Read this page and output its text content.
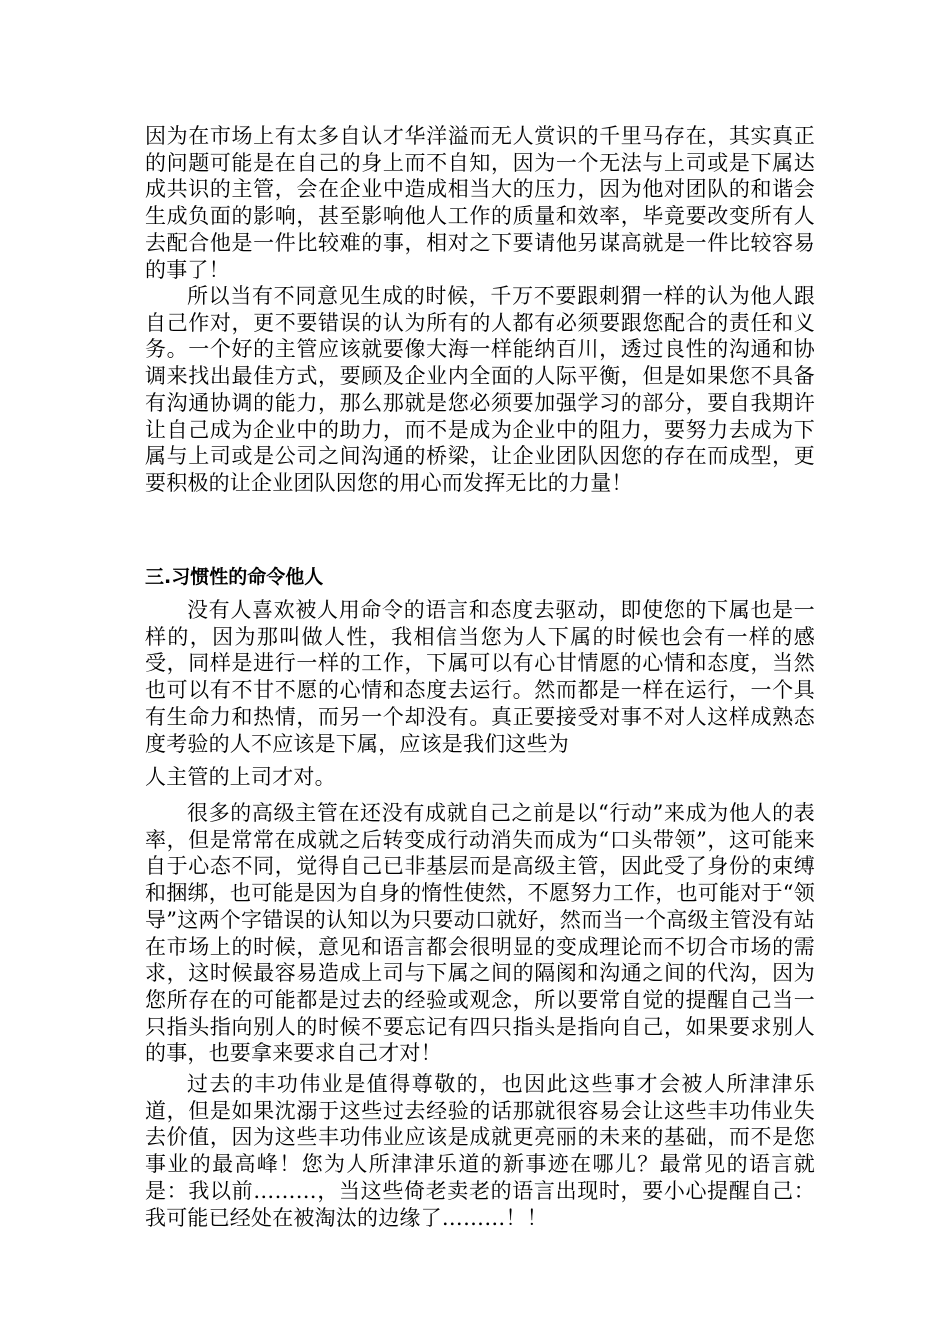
因为在市场上有太多自认才华洋溢而无人赏识的千里马存在，其实真正的问题可能是在自己的身上而不自知，因为一个无法与上司或是下属达成共识的主管，会在企业中造成相当大的压力，因为他对团队的和谐会生成负面的影响，甚至影响他人工作的质量和效率，毕竟要改变所有人去配合他是一件比较难的事，相对之下要请他另谋高就是一件比较容易的事了！

所以当有不同意见生成的时候，千万不要跟刺猬一样的认为他人跟自己作对，更不要错误的认为所有的人都有必须要跟您配合的责任和义务。一个好的主管应该就要像大海一样能纳百川，透过良性的沟通和协调来找出最佳方式，要顾及企业内全面的人际平衡，但是如果您不具备有沟通协调的能力，那么那就是您必须要加强学习的部分，要自我期许让自己成为企业中的助力，而不是成为企业中的阻力，要努力去成为下属与上司或是公司之间沟通的桥梁，让企业团队因您的存在而成型，更要积极的让企业团队因您的用心而发挥无比的力量！

三.习惯性的命令他人

没有人喜欢被人用命令的语言和态度去驱动，即使您的下属也是一样的，因为那叫做人性，我相信当您为人下属的时候也会有一样的感受，同样是进行一样的工作，下属可以有心甘情愿的心情和态度，当然也可以有不甘不愿的心情和态度去运行。然而都是一样在运行，一个具有生命力和热情，而另一个却没有。真正要接受对事不对人这样成熟态度考验的人不应该是下属，应该是我们这些为

人主管的上司才对。

很多的高级主管在还没有成就自己之前是以“行动”来成为他人的表率，但是常常在成就之后转变成行动消失而成为“口头带领”，这可能来自于心态不同，觉得自己已非基层而是高级主管，因此受了身份的束缚和捆绑，也可能是因为自身的惰性使然，不愿努力工作，也可能对于“领导”这两个字错误的认知以为只要动口就好，然而当一个高级主管没有站在市场上的时候，意见和语言都会很明显的变成理论而不切合市场的需求，这时候最容易造成上司与下属之间的隔阂和沟通之间的代沟，因为您所存在的可能都是过去的经验或观念，所以要常自觉的提醒自己当一只指头指向别人的时候不要忘记有四只指头是指向自己，如果要求别人的事，也要拿来要求自己才对！

过去的丰功伟业是值得尊敬的，也因此这些事才会被人所津津乐道，但是如果沈溺于这些过去经验的话那就很容易会让这些丰功伟业失去价值，因为这些丰功伟业应该是成就更亮丽的未来的基础，而不是您事业的最高峰！您为人所津津乐道的新事迹在哪儿？最常见的语言就是：我以前………，当这些倚老卖老的语言出现时，要小心提醒自己：我可能已经处在被淘汰的边缘了………！！
